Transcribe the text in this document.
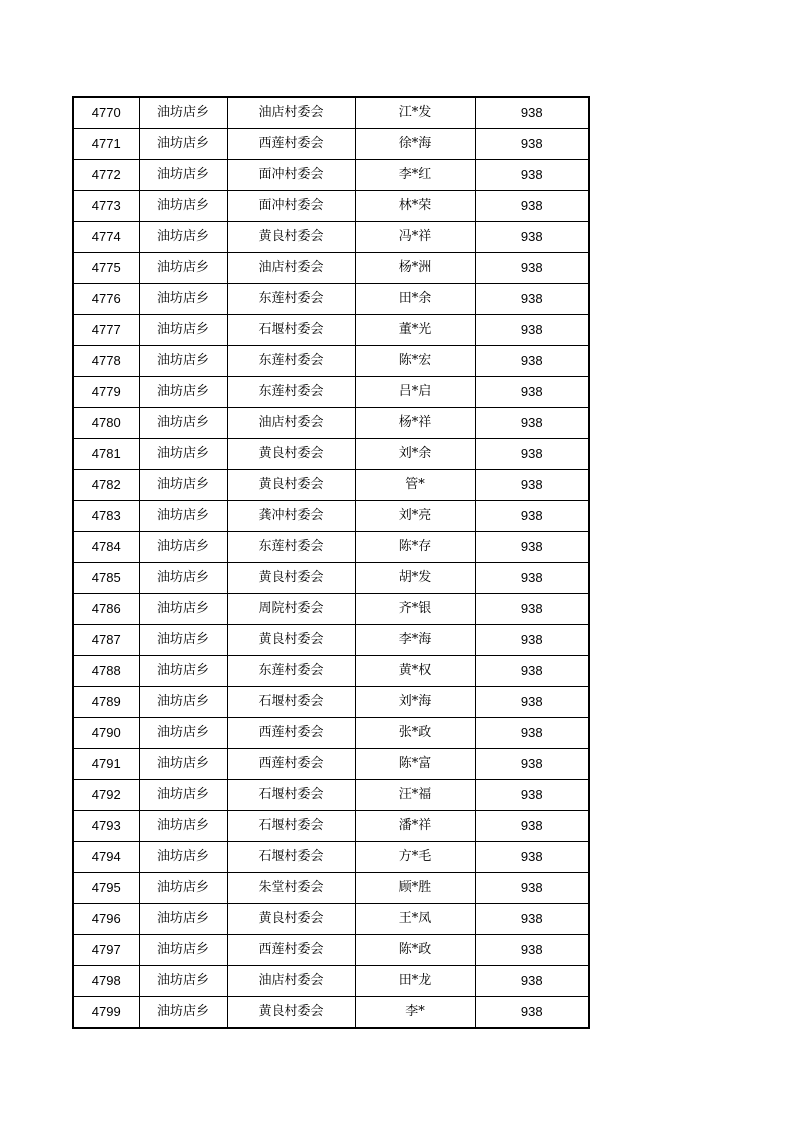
4770	油坊店乡	油店村委会	江*发	938
4771	油坊店乡	西莲村委会	徐*海	938
4772	油坊店乡	面冲村委会	李*红	938
4773	油坊店乡	面冲村委会	林*荣	938
4774	油坊店乡	黄良村委会	冯*祥	938
4775	油坊店乡	油店村委会	杨*洲	938
4776	油坊店乡	东莲村委会	田*余	938
4777	油坊店乡	石堰村委会	董*光	938
4778	油坊店乡	东莲村委会	陈*宏	938
4779	油坊店乡	东莲村委会	吕*启	938
4780	油坊店乡	油店村委会	杨*祥	938
4781	油坊店乡	黄良村委会	刘*余	938
4782	油坊店乡	黄良村委会	管*	938
4783	油坊店乡	龚冲村委会	刘*亮	938
4784	油坊店乡	东莲村委会	陈*存	938
4785	油坊店乡	黄良村委会	胡*发	938
4786	油坊店乡	周院村委会	齐*银	938
4787	油坊店乡	黄良村委会	李*海	938
4788	油坊店乡	东莲村委会	黄*权	938
4789	油坊店乡	石堰村委会	刘*海	938
4790	油坊店乡	西莲村委会	张*政	938
4791	油坊店乡	西莲村委会	陈*富	938
4792	油坊店乡	石堰村委会	汪*福	938
4793	油坊店乡	石堰村委会	潘*祥	938
4794	油坊店乡	石堰村委会	方*毛	938
4795	油坊店乡	朱堂村委会	顾*胜	938
4796	油坊店乡	黄良村委会	王*凤	938
4797	油坊店乡	西莲村委会	陈*政	938
4798	油坊店乡	油店村委会	田*龙	938
4799	油坊店乡	黄良村委会	李*	938
